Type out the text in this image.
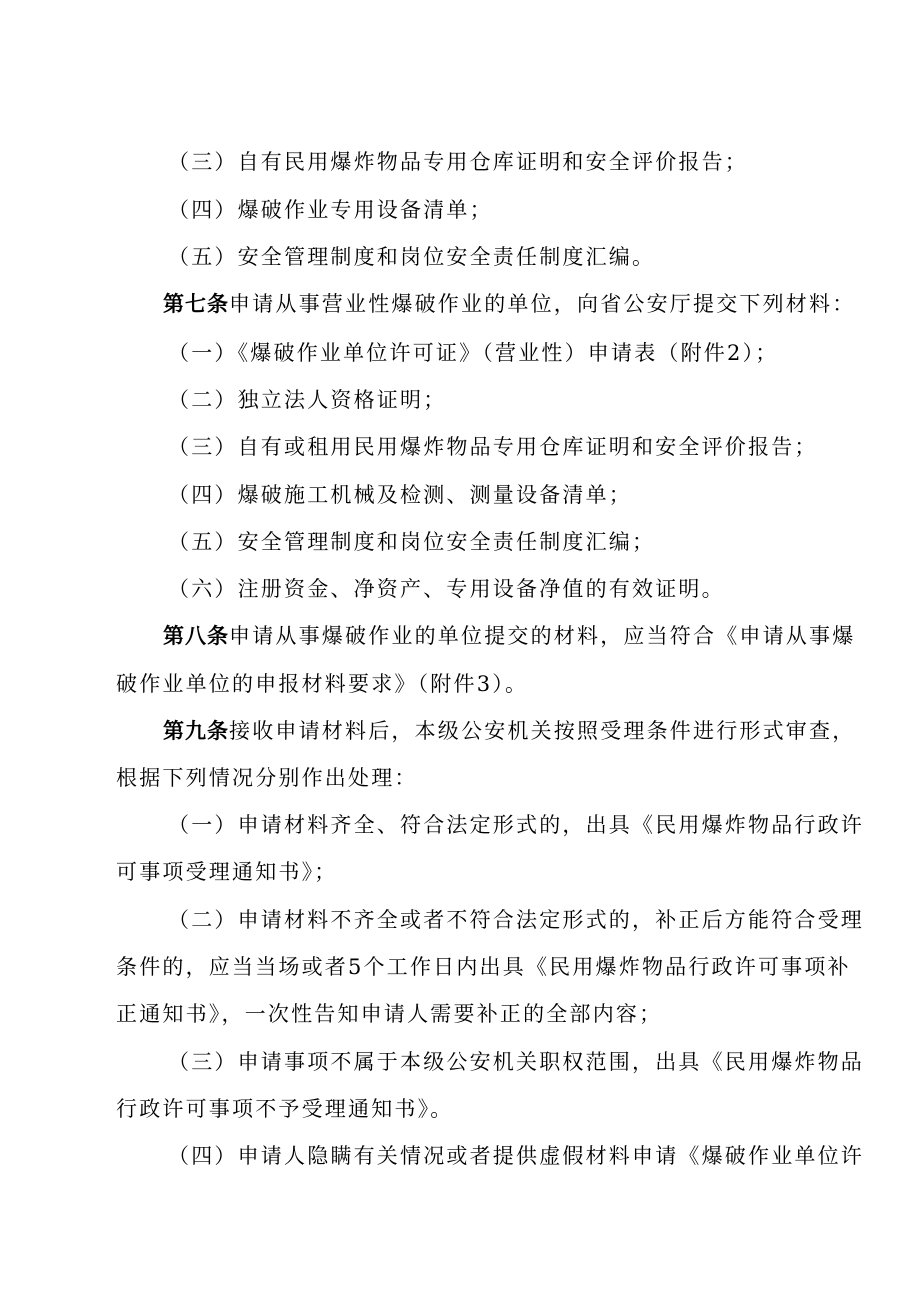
（三）自有民用爆炸物品专用仓库证明和安全评价报告；
（四）爆破作业专用设备清单；
（五）安全管理制度和岗位安全责任制度汇编。
第七条申请从事营业性爆破作业的单位，向省公安厅提交下列材料：
（一）《爆破作业单位许可证》（营业性）申请表（附件2）；
（二）独立法人资格证明；
（三）自有或租用民用爆炸物品专用仓库证明和安全评价报告；
（四）爆破施工机械及检测、测量设备清单；
（五）安全管理制度和岗位安全责任制度汇编；
（六）注册资金、净资产、专用设备净值的有效证明。
第八条申请从事爆破作业的单位提交的材料，应当符合《申请从事爆
破作业单位的申报材料要求》（附件3）。
第九条接收申请材料后，本级公安机关按照受理条件进行形式审查，
根据下列情况分别作出处理：
（一）申请材料齐全、符合法定形式的，出具《民用爆炸物品行政许
可事项受理通知书》；
（二）申请材料不齐全或者不符合法定形式的，补正后方能符合受理
条件的，应当当场或者5个工作日内出具《民用爆炸物品行政许可事项补
正通知书》，一次性告知申请人需要补正的全部内容；
（三）申请事项不属于本级公安机关职权范围，出具《民用爆炸物品
行政许可事项不予受理通知书》。
（四）申请人隐瞒有关情况或者提供虚假材料申请《爆破作业单位许
